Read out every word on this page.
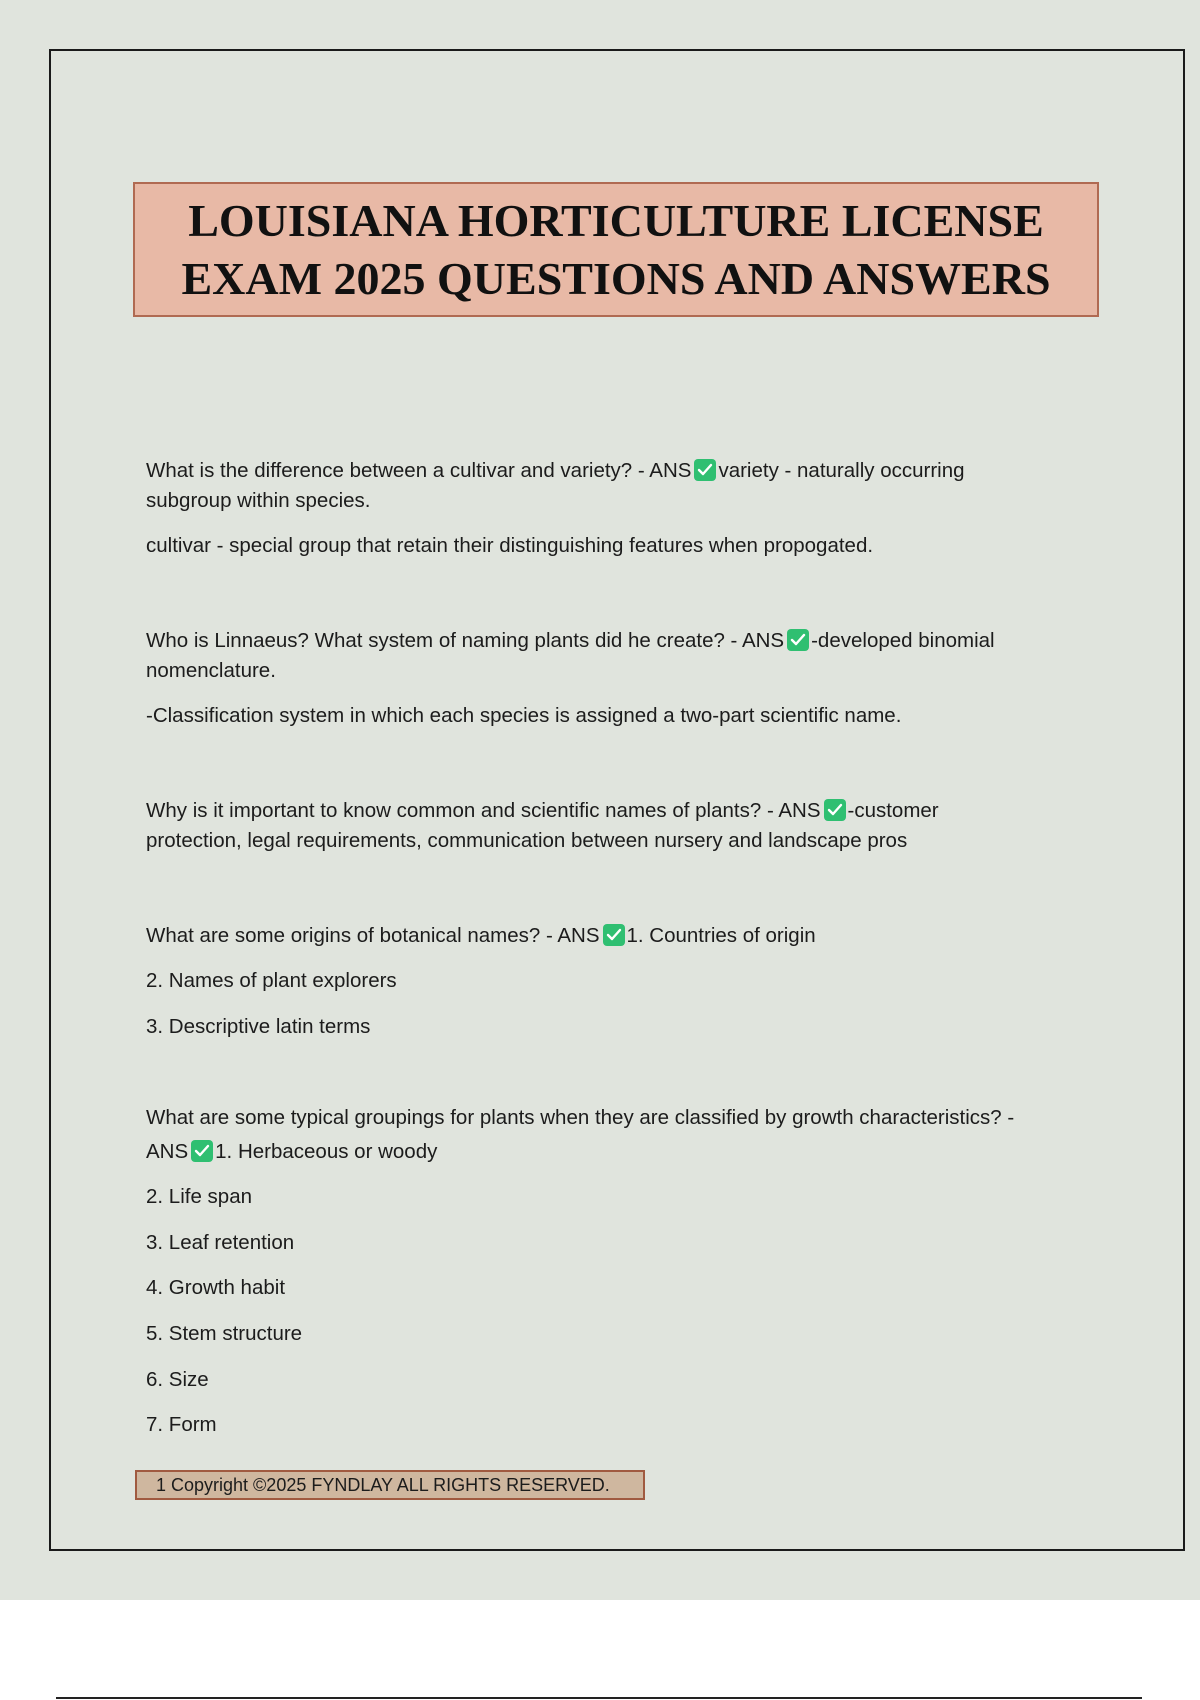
LOUISIANA HORTICULTURE LICENSE
EXAM 2025 QUESTIONS AND ANSWERS
What is the difference between a cultivar and variety? - ANS variety - naturally occurring
subgroup within species.
cultivar - special group that retain their distinguishing features when propogated.
Who is Linnaeus? What system of naming plants did he create? - ANS -developed binomial
nomenclature.
-Classification system in which each species is assigned a two-part scientific name.
Why is it important to know common and scientific names of plants? - ANS -customer
protection, legal requirements, communication between nursery and landscape pros
What are some origins of botanical names? - ANS 1. Countries of origin
2. Names of plant explorers
3. Descriptive latin terms
What are some typical groupings for plants when they are classified by growth characteristics? -
ANS 1. Herbaceous or woody
2. Life span
3. Leaf retention
4. Growth habit
5. Stem structure
6. Size
7. Form
1 Copyright ©2025 FYNDLAY ALL RIGHTS RESERVED.
